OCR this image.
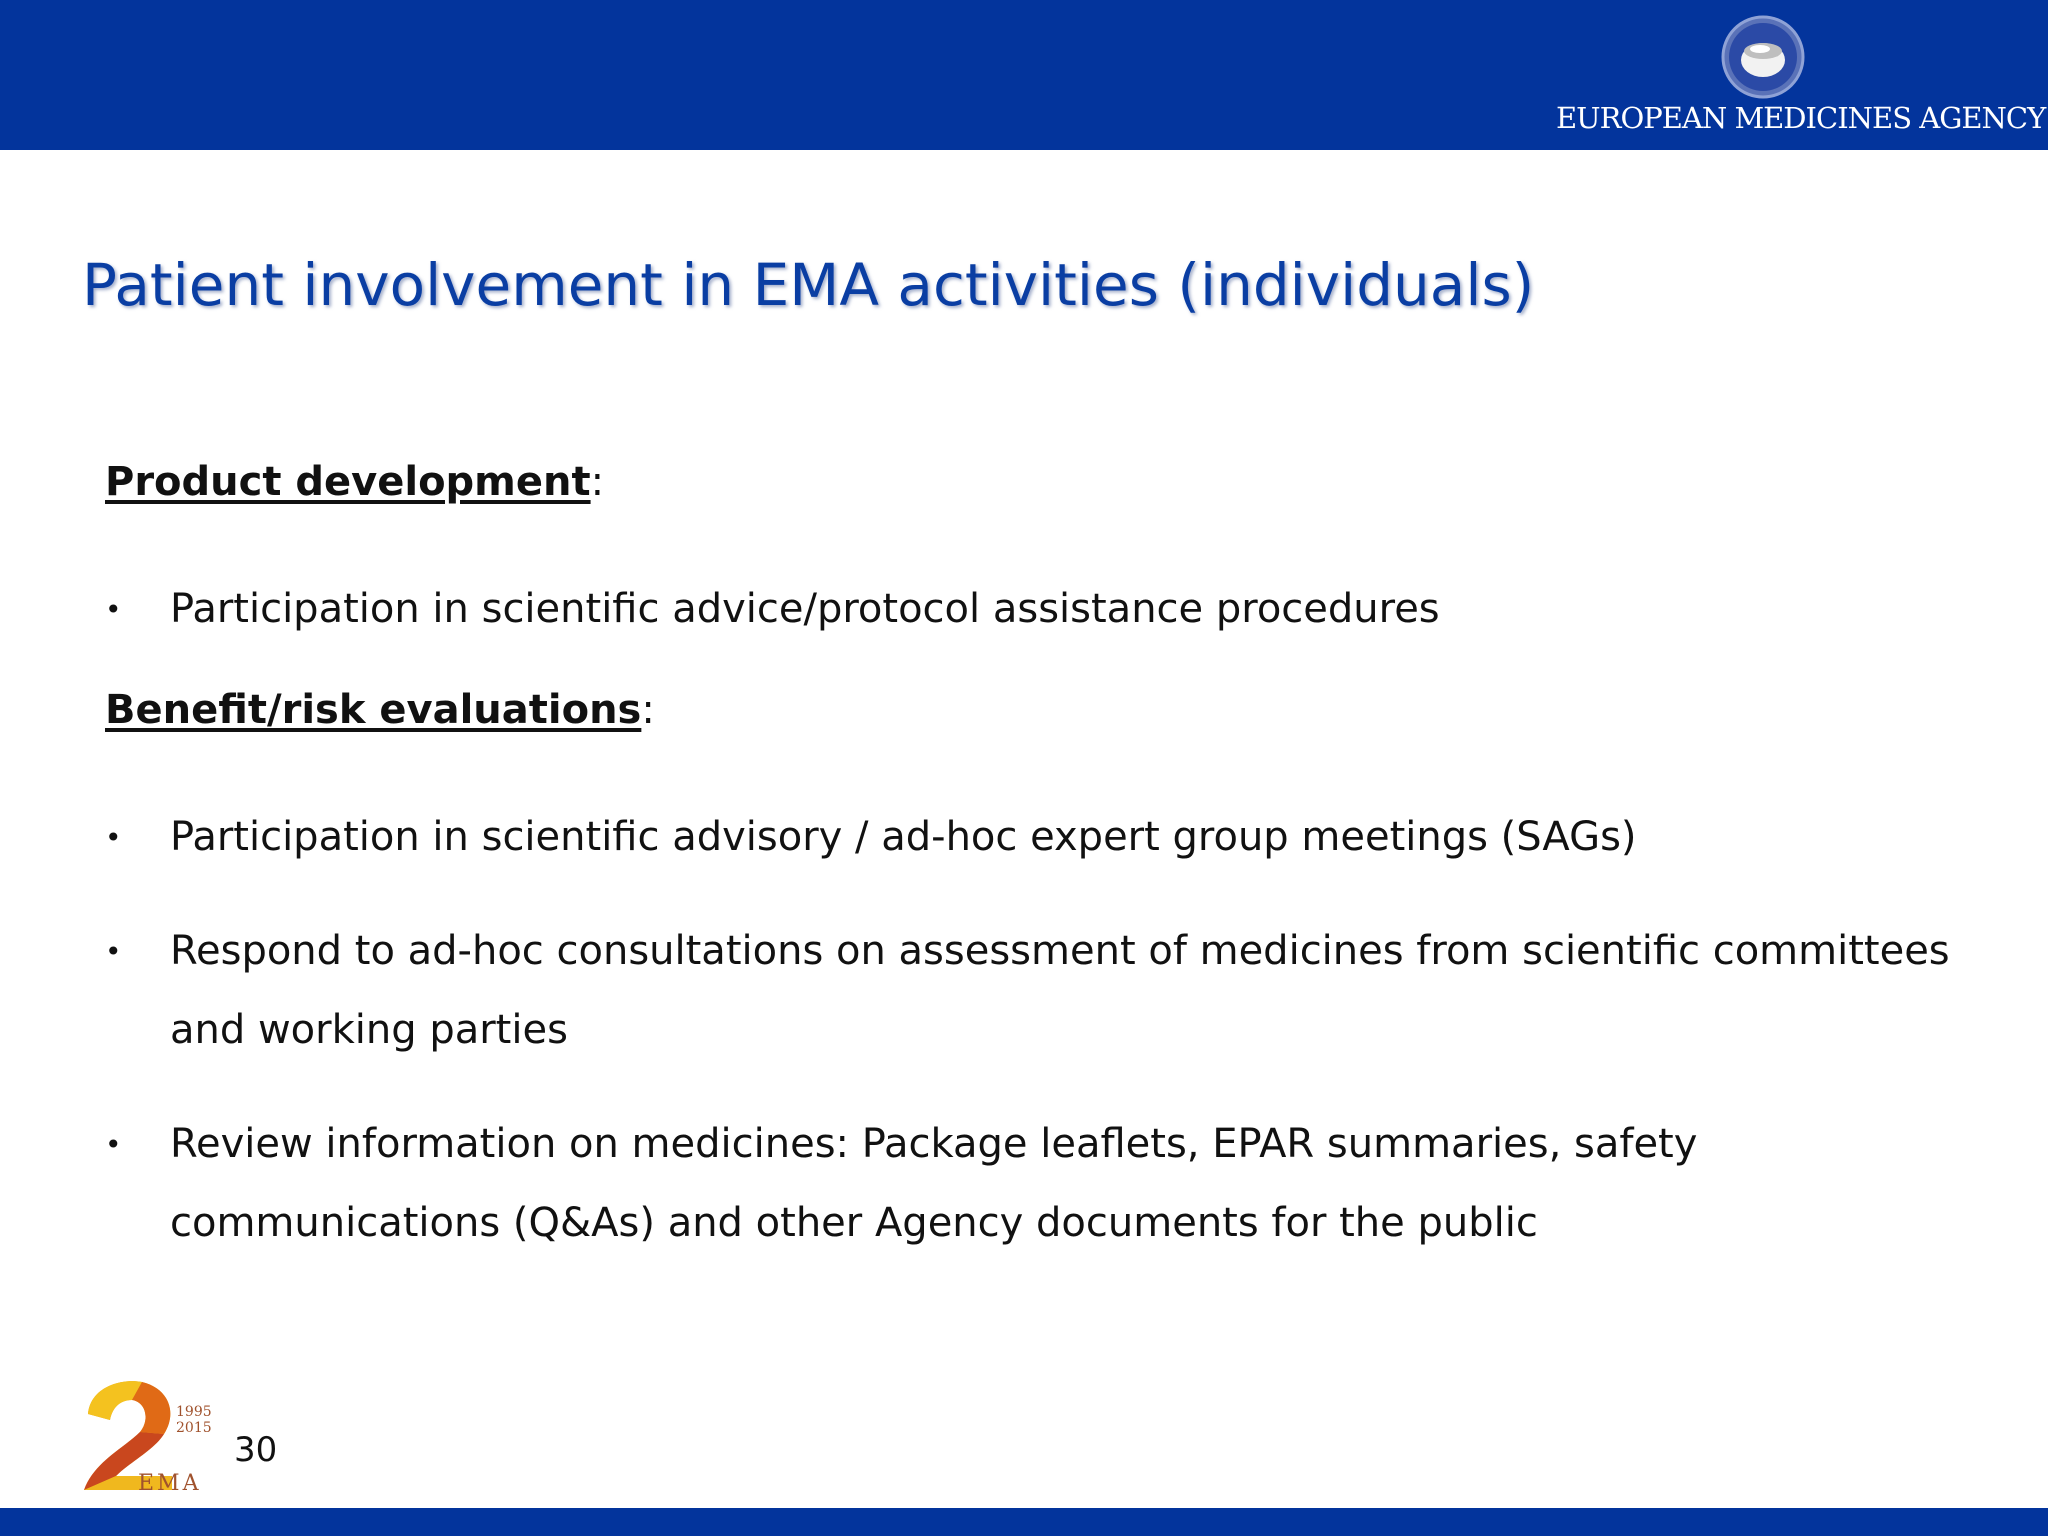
EUROPEAN MEDICINES AGENCY
Patient involvement in EMA activities (individuals)

Product development:

• Participation in scientific advice/protocol assistance procedures

Benefit/risk evaluations:

• Participation in scientific advisory / ad-hoc expert group meetings (SAGs)

• Respond to ad-hoc consultations on assessment of medicines from scientific committees and working parties

• Review information on medicines: Package leaflets, EPAR summaries, safety communications (Q&As) and other Agency documents for the public

1995
2015
EMA
30
